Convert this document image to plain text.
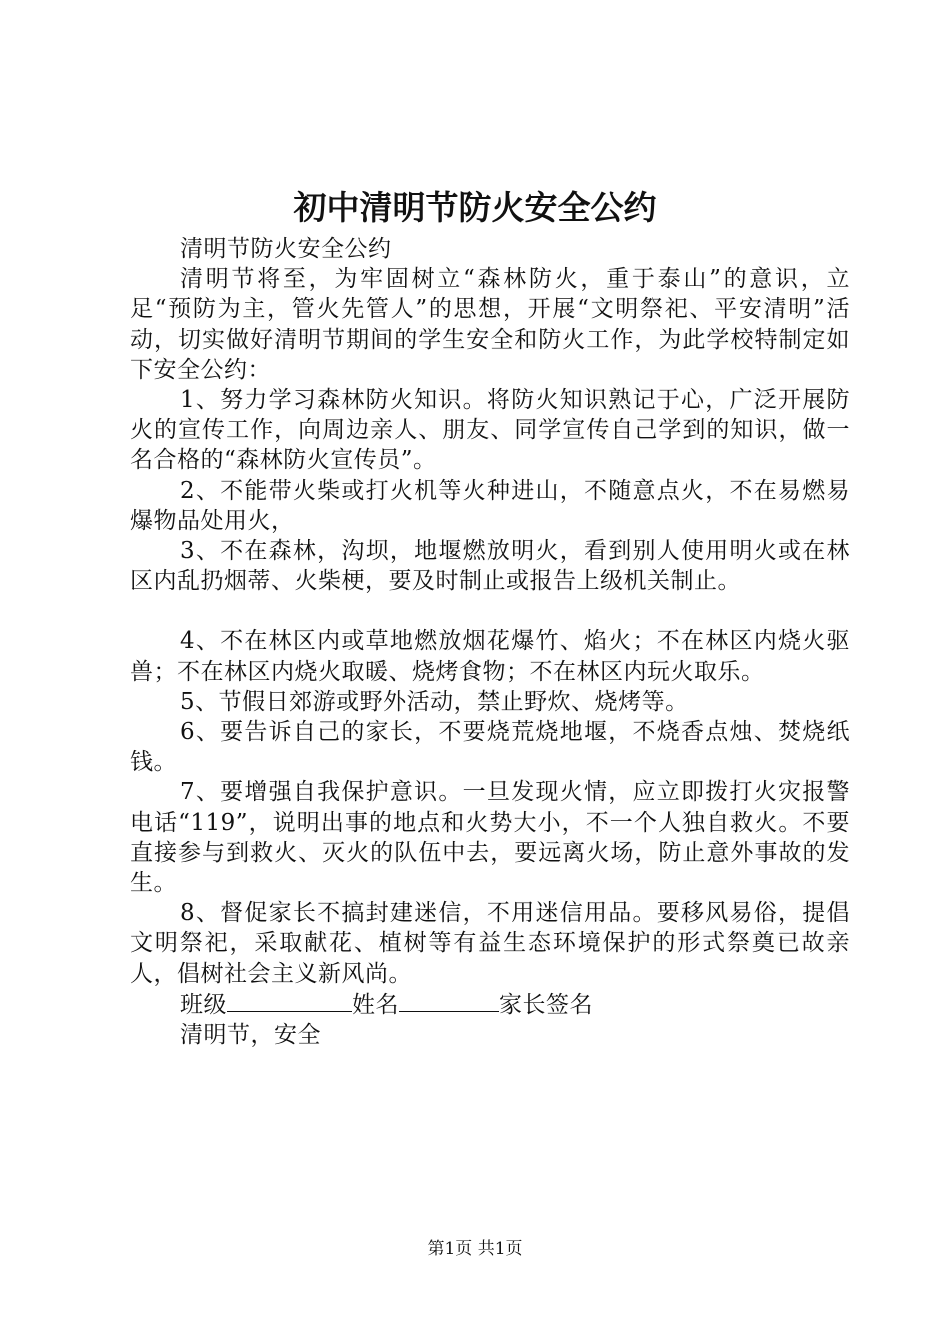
初中清明节防火安全公约

清明节防火安全公约

清明节将至，为牢固树立“森林防火，重于泰山”的意识，立足“预防为主，管火先管人”的思想，开展“文明祭祀、平安清明”活动，切实做好清明节期间的学生安全和防火工作，为此学校特制定如下安全公约：

1、努力学习森林防火知识。将防火知识熟记于心，广泛开展防火的宣传工作，向周边亲人、朋友、同学宣传自己学到的知识，做一名合格的“森林防火宣传员”。

2、不能带火柴或打火机等火种进山，不随意点火，不在易燃易爆物品处用火，

3、不在森林，沟坝，地堰燃放明火，看到别人使用明火或在林区内乱扔烟蒂、火柴梗，要及时制止或报告上级机关制止。

4、不在林区内或草地燃放烟花爆竹、焰火；不在林区内烧火驱兽；不在林区内烧火取暖、烧烤食物；不在林区内玩火取乐。

5、节假日郊游或野外活动，禁止野炊、烧烤等。

6、要告诉自己的家长，不要烧荒烧地堰，不烧香点烛、焚烧纸钱。

7、要增强自我保护意识。一旦发现火情，应立即拨打火灾报警电话“119”，说明出事的地点和火势大小，不一个人独自救火。不要直接参与到救火、灭火的队伍中去，要远离火场，防止意外事故的发生。

8、督促家长不搞封建迷信，不用迷信用品。要移风易俗，提倡文明祭祀，采取献花、植树等有益生态环境保护的形式祭奠已故亲人，倡树社会主义新风尚。

班级	姓名	家长签名

清明节，安全

第1页 共1页
